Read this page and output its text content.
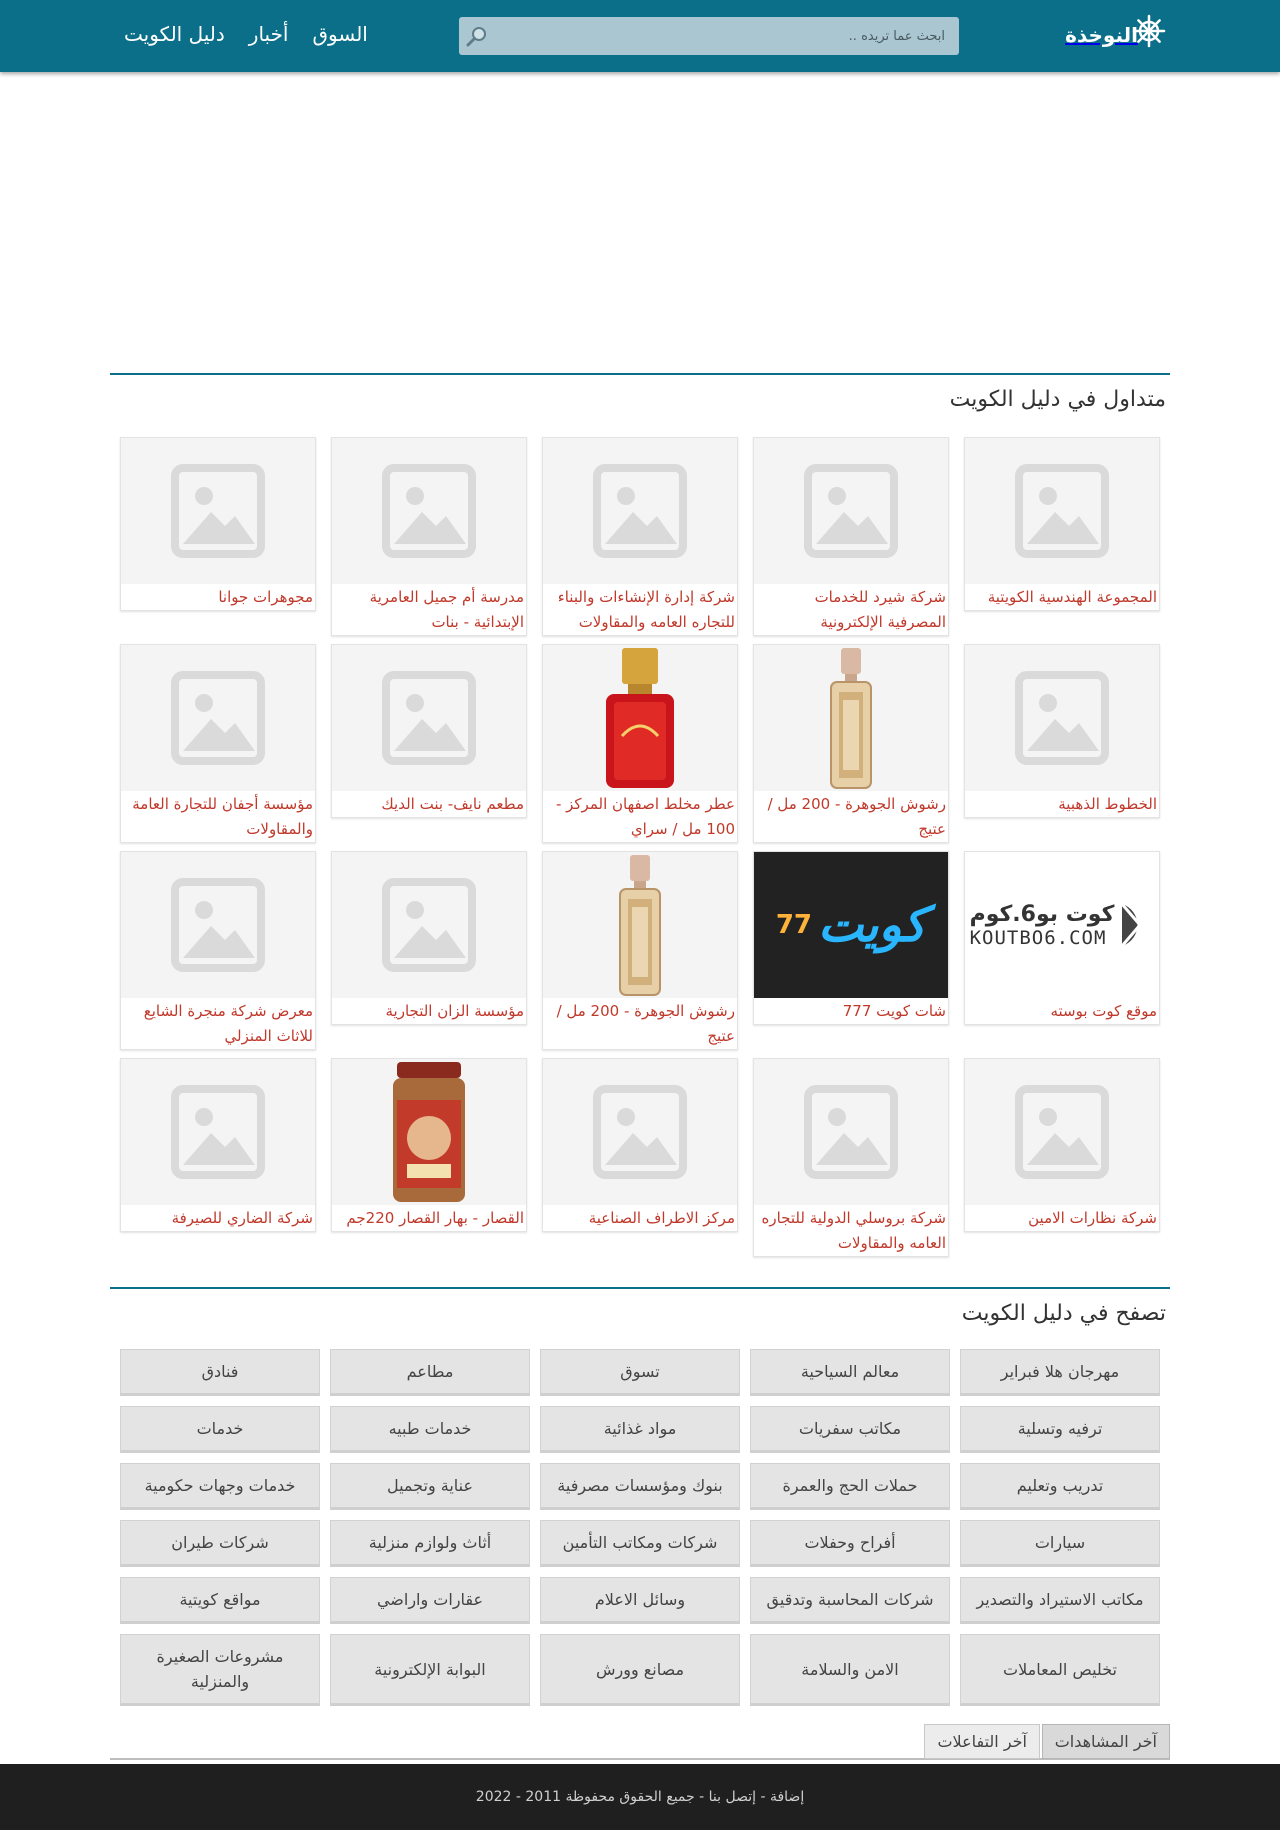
النوخذة
ابحث عما تريده ..
دليل الكويت أخبار السوق
متداول في دليل الكويت
المجموعة الهندسية الكويتية
شركة شيرد للخدمات المصرفية الإلكترونية
شركة إدارة الإنشاءات والبناء للتجاره العامه والمقاولات
مدرسة أم جميل العامرية الإبتدائية - بنات
مجوهرات جوانا
الخطوط الذهبية
رشوش الجوهرة - 200 مل / عتيج
عطر مخلط اصفهان المركز - 100 مل / سراي
مطعم نايف- بنت الديك
مؤسسة أجفان للتجارة العامة والمقاولات
كوت بو6.كوم
KOUTBO6.COM
موقع كوت بوسته
77 كويت
شات كويت 777
رشوش الجوهرة - 200 مل / عتيج
مؤسسة الزان التجارية
معرض شركة منجرة الشايع للاثاث المنزلي
شركة نظارات الامين
شركة بروسلي الدولية للتجاره العامه والمقاولات
مركز الاطراف الصناعية
القصار - بهار القصار 220جم
شركة الضاري للصيرفة
تصفح في دليل الكويت
مهرجان هلا فبراير
معالم السياحية
تسوق
مطاعم
فنادق
ترفيه وتسلية
مكاتب سفريات
مواد غذائية
خدمات طبيه
خدمات
تدريب وتعليم
حملات الحج والعمرة
بنوك ومؤسسات مصرفية
عناية وتجميل
خدمات وجهات حكومية
سيارات
أفراح وحفلات
شركات ومكاتب التأمين
أثاث ولوازم منزلية
شركات طيران
مكاتب الاستيراد والتصدير
شركات المحاسبة وتدقيق
وسائل الاعلام
عقارات واراضي
مواقع كويتية
تخليص المعاملات
الامن والسلامة
مصانع وورش
البوابة الإلكترونية
مشروعات الصغيرة والمنزلية
آخر المشاهدات
آخر التفاعلات
إضافة - إتصل بنا - جميع الحقوق محفوظة 2011 - 2022
